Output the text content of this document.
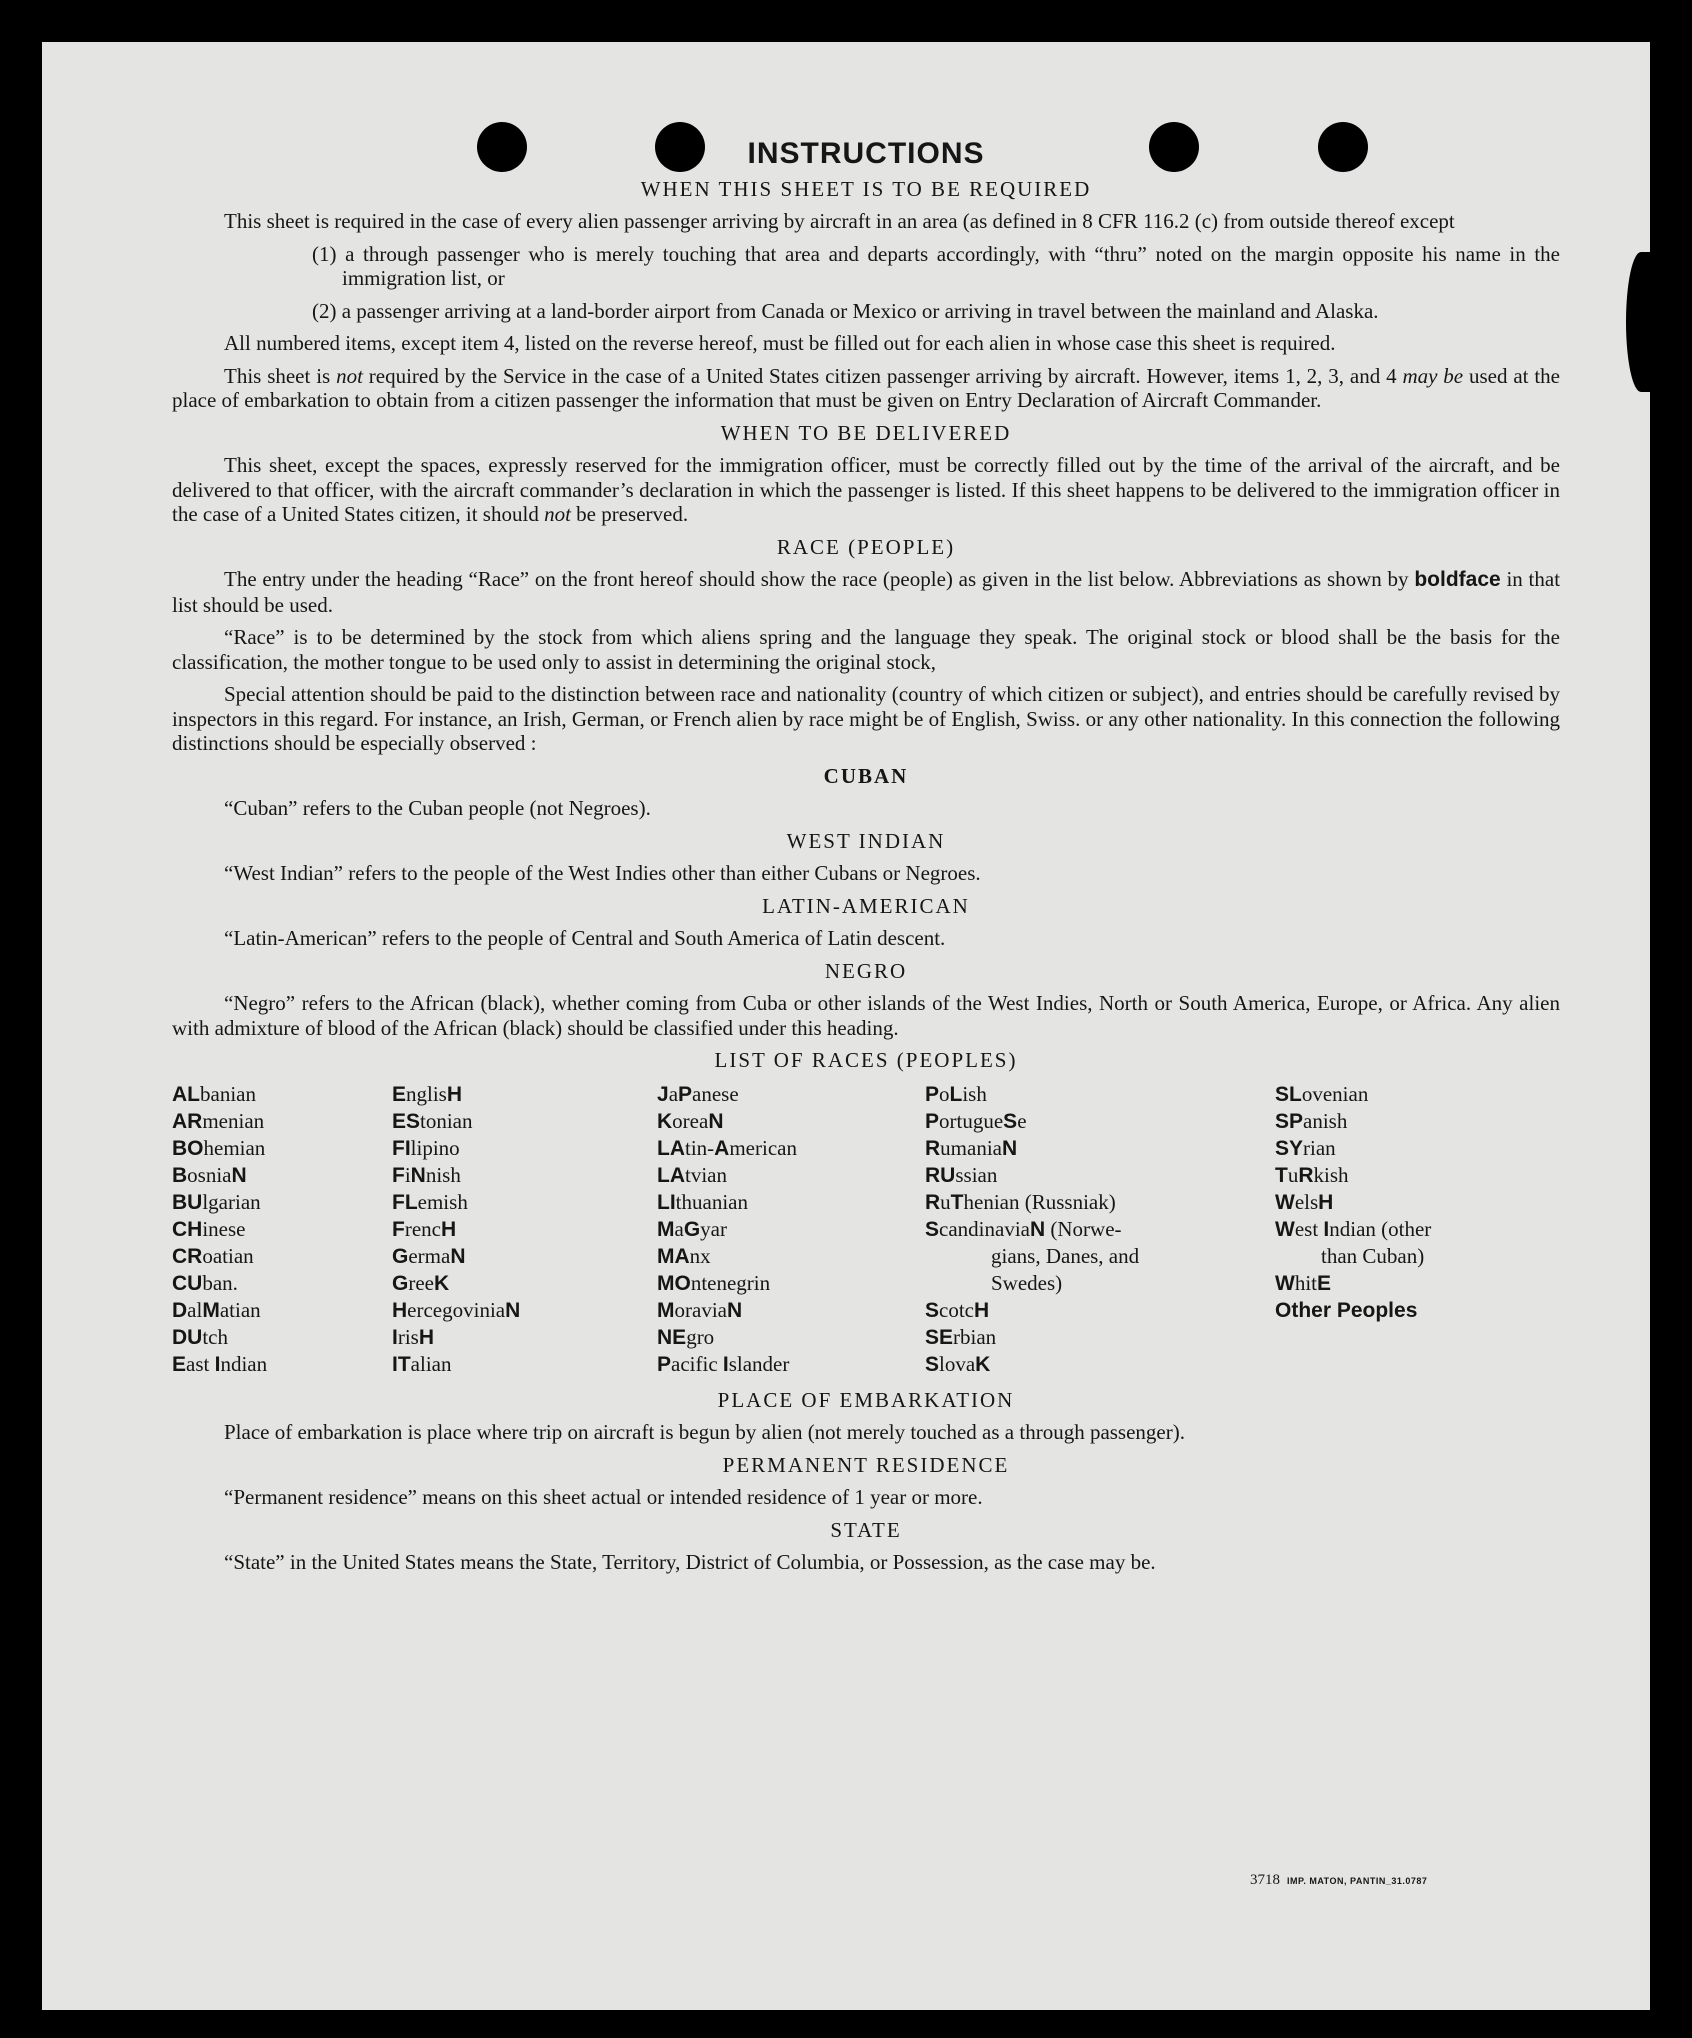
INSTRUCTIONS
WHEN THIS SHEET IS TO BE REQUIRED

This sheet is required in the case of every alien passenger arriving by aircraft in an area (as defined in 8 CFR 116.2 (c) from outside thereof except

(1) a through passenger who is merely touching that area and departs accordingly, with “thru” noted on the margin opposite his name in the immigration list, or

(2) a passenger arriving at a land-border airport from Canada or Mexico or arriving in travel between the mainland and Alaska.

All numbered items, except item 4, listed on the reverse hereof, must be filled out for each alien in whose case this sheet is required.

This sheet is not required by the Service in the case of a United States citizen passenger arriving by aircraft. However, items 1, 2, 3, and 4 may be used at the place of embarkation to obtain from a citizen passenger the information that must be given on Entry Declaration of Aircraft Commander.

WHEN TO BE DELIVERED

This sheet, except the spaces, expressly reserved for the immigration officer, must be correctly filled out by the time of the arrival of the aircraft, and be delivered to that officer, with the aircraft commander’s declaration in which the passenger is listed. If this sheet happens to be delivered to the immigration officer in the case of a United States citizen, it should not be preserved.

RACE (PEOPLE)

The entry under the heading “Race” on the front hereof should show the race (people) as given in the list below. Abbreviations as shown by boldface in that list should be used.

“Race” is to be determined by the stock from which aliens spring and the language they speak. The original stock or blood shall be the basis for the classification, the mother tongue to be used only to assist in determining the original stock,

Special attention should be paid to the distinction between race and nationality (country of which citizen or subject), and entries should be carefully revised by inspectors in this regard. For instance, an Irish, German, or French alien by race might be of English, Swiss. or any other nationality. In this connection the following distinctions should be especially observed :

CUBAN

“Cuban” refers to the Cuban people (not Negroes).

WEST INDIAN

“West Indian” refers to the people of the West Indies other than either Cubans or Negroes.

LATIN-AMERICAN

“Latin-American” refers to the people of Central and South America of Latin descent.

NEGRO

“Negro” refers to the African (black), whether coming from Cuba or other islands of the West Indies, North or South America, Europe, or Africa. Any alien with admixture of blood of the African (black) should be classified under this heading.

LIST OF RACES (PEOPLES)
ALbanian
ARmenian
BOhemian
BosniaN
BUlgarian
CHinese
CRoatian
CUban.
DalMatian
DUtch
East Indian
EnglisH
EStonian
FIlipino
FiNnish
FLemish
FrencH
GermaN
GreeK
HercegoviniaN
IrisH
ITalian
JaPanese
KoreaN
LAtin-American
LAtvian
LIthuanian
MaGyar
MAnx
MOntenegrin
MoraviaN
NEgro
Pacific Islander
PoLish
PortugueSe
RumaniaN
RUssian
RuThenian (Russniak)
ScandinaviaN (Norwe-
gians, Danes, and
Swedes)
ScotcH
SErbian
SlovaK
SLovenian
SPanish
SYrian
TuRkish
WelsH
West Indian (other
than Cuban)
WhitE
Other Peoples
PLACE OF EMBARKATION

Place of embarkation is place where trip on aircraft is begun by alien (not merely touched as a through passenger).

PERMANENT RESIDENCE

“Permanent residence” means on this sheet actual or intended residence of 1 year or more.

STATE

“State” in the United States means the State, Territory, District of Columbia, or Possession, as the case may be.

3718 IMP. MATON, PANTIN_31.0787
